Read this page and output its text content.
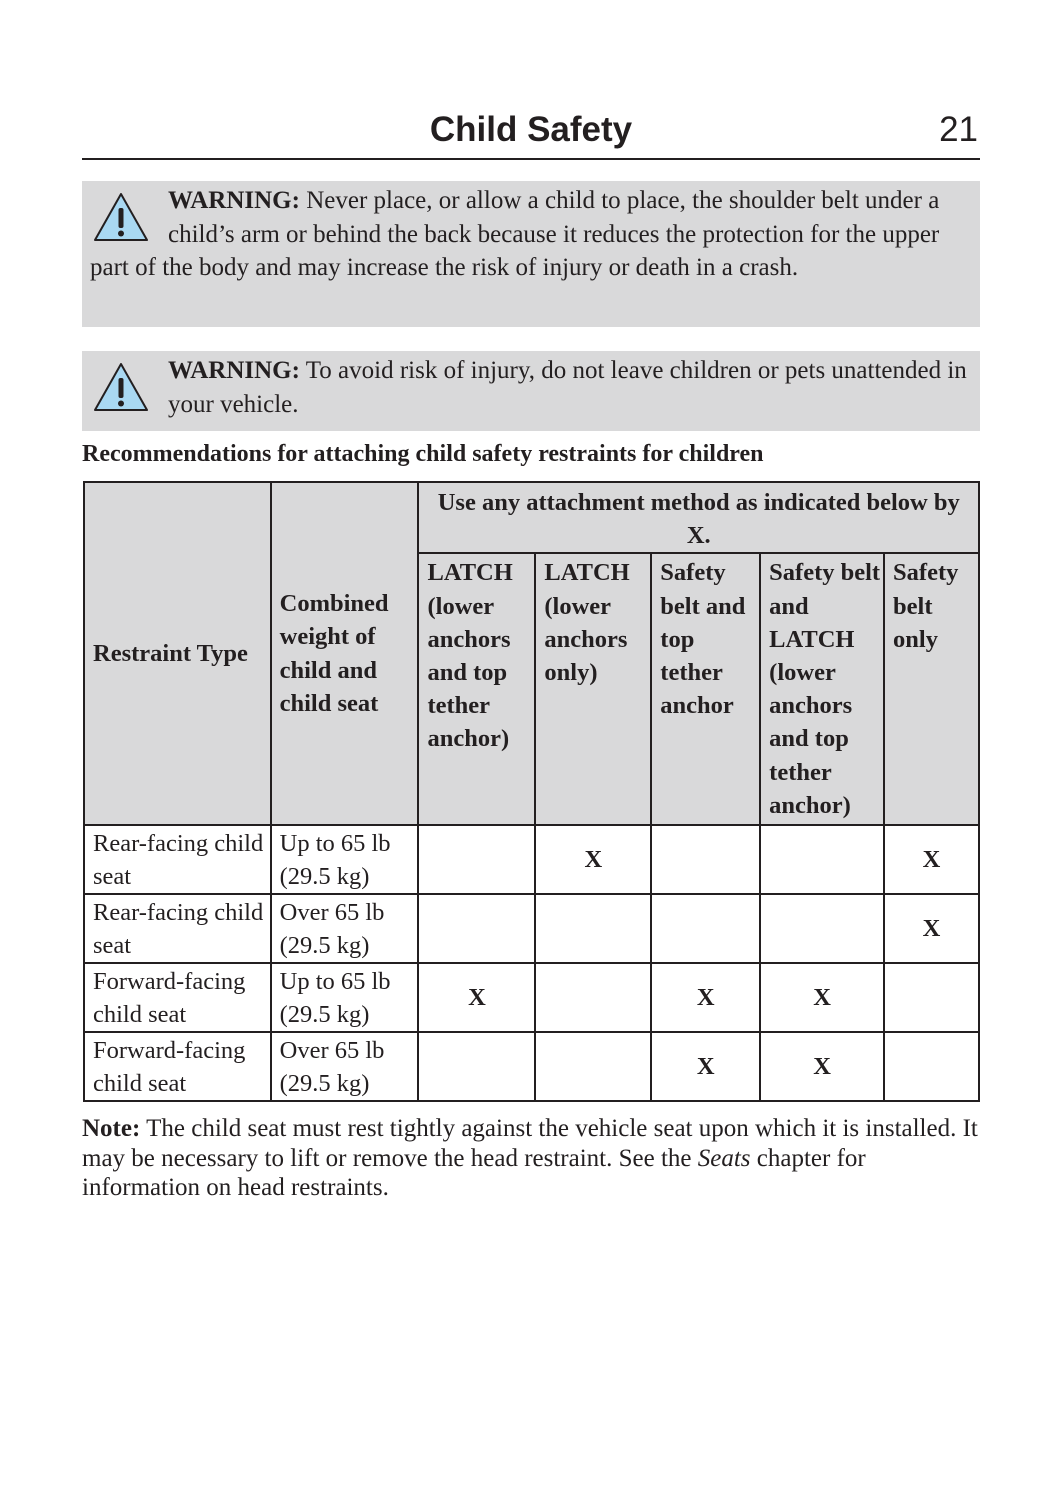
Child Safety	21
WARNING: Never place, or allow a child to place, the shoulder belt under a child’s arm or behind the back because it reduces the protection for the upper part of the body and may increase the risk of injury or death in a crash.
WARNING: To avoid risk of injury, do not leave children or pets unattended in your vehicle.
Recommendations for attaching child safety restraints for children
Restraint Type	Combined weight of child and child seat	Use any attachment method as indicated below by X.				
		LATCH (lower anchors and top tether anchor)	LATCH (lower anchors only)	Safety belt and top tether anchor	Safety belt and LATCH (lower anchors and top tether anchor)	Safety belt only
Rear-facing child seat	Up to 65 lb (29.5 kg)		X			X
Rear-facing child seat	Over 65 lb (29.5 kg)					X
Forward-facing child seat	Up to 65 lb (29.5 kg)	X		X	X	
Forward-facing child seat	Over 65 lb (29.5 kg)			X	X	
Note: The child seat must rest tightly against the vehicle seat upon which it is installed. It may be necessary to lift or remove the head restraint. See the Seats chapter for information on head restraints.
